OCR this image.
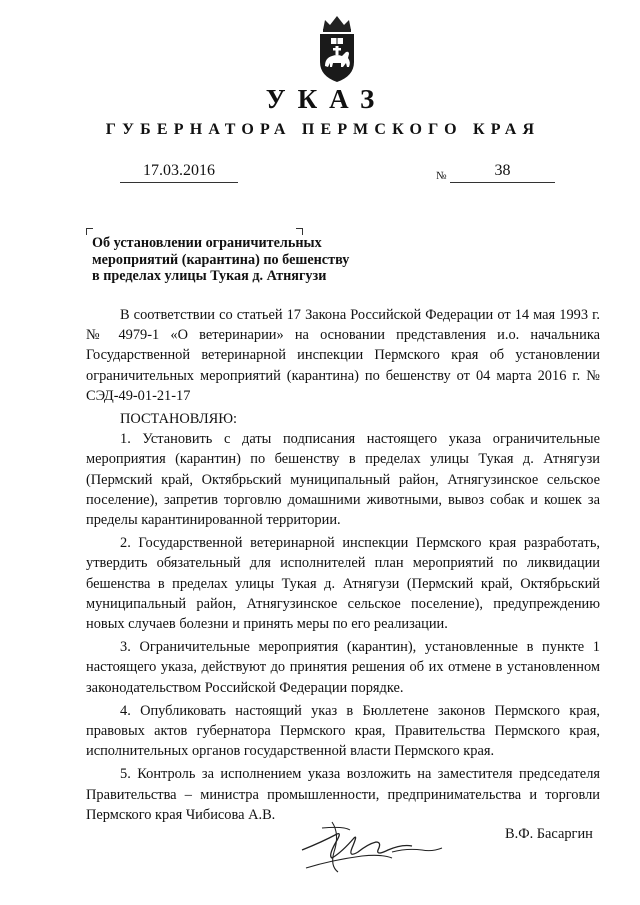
УКАЗ
ГУБЕРНАТОРА ПЕРМСКОГО КРАЯ
17.03.2016	№	38
Об установлении ограничительных
мероприятий (карантина) по бешенству
в пределах улицы Тукая д. Атнягузи

В соответствии со статьей 17 Закона Российской Федерации от 14 мая 1993 г. № 4979-1 «О ветеринарии» на основании представления и.о. начальника Государственной ветеринарной инспекции Пермского края об установлении ограничительных мероприятий (карантина) по бешенству от 04 марта 2016 г. № СЭД-49-01-21-17

ПОСТАНОВЛЯЮ:

1. Установить с даты подписания настоящего указа ограничительные мероприятия (карантин) по бешенству в пределах улицы Тукая д. Атнягузи (Пермский край, Октябрьский муниципальный район, Атнягузинское сельское поселение), запретив торговлю домашними животными, вывоз собак и кошек за пределы карантинированной территории.

2. Государственной ветеринарной инспекции Пермского края разработать, утвердить обязательный для исполнителей план мероприятий по ликвидации бешенства в пределах улицы Тукая д. Атнягузи (Пермский край, Октябрьский муниципальный район, Атнягузинское сельское поселение), предупреждению новых случаев болезни и принять меры по его реализации.

3. Ограничительные мероприятия (карантин), установленные в пункте 1 настоящего указа, действуют до принятия решения об их отмене в установленном законодательством Российской Федерации порядке.

4. Опубликовать настоящий указ в Бюллетене законов Пермского края, правовых актов губернатора Пермского края, Правительства Пермского края, исполнительных органов государственной власти Пермского края.

5. Контроль за исполнением указа возложить на заместителя председателя Правительства – министра промышленности, предпринимательства и торговли Пермского края Чибисова А.В.

В.Ф. Басаргин
